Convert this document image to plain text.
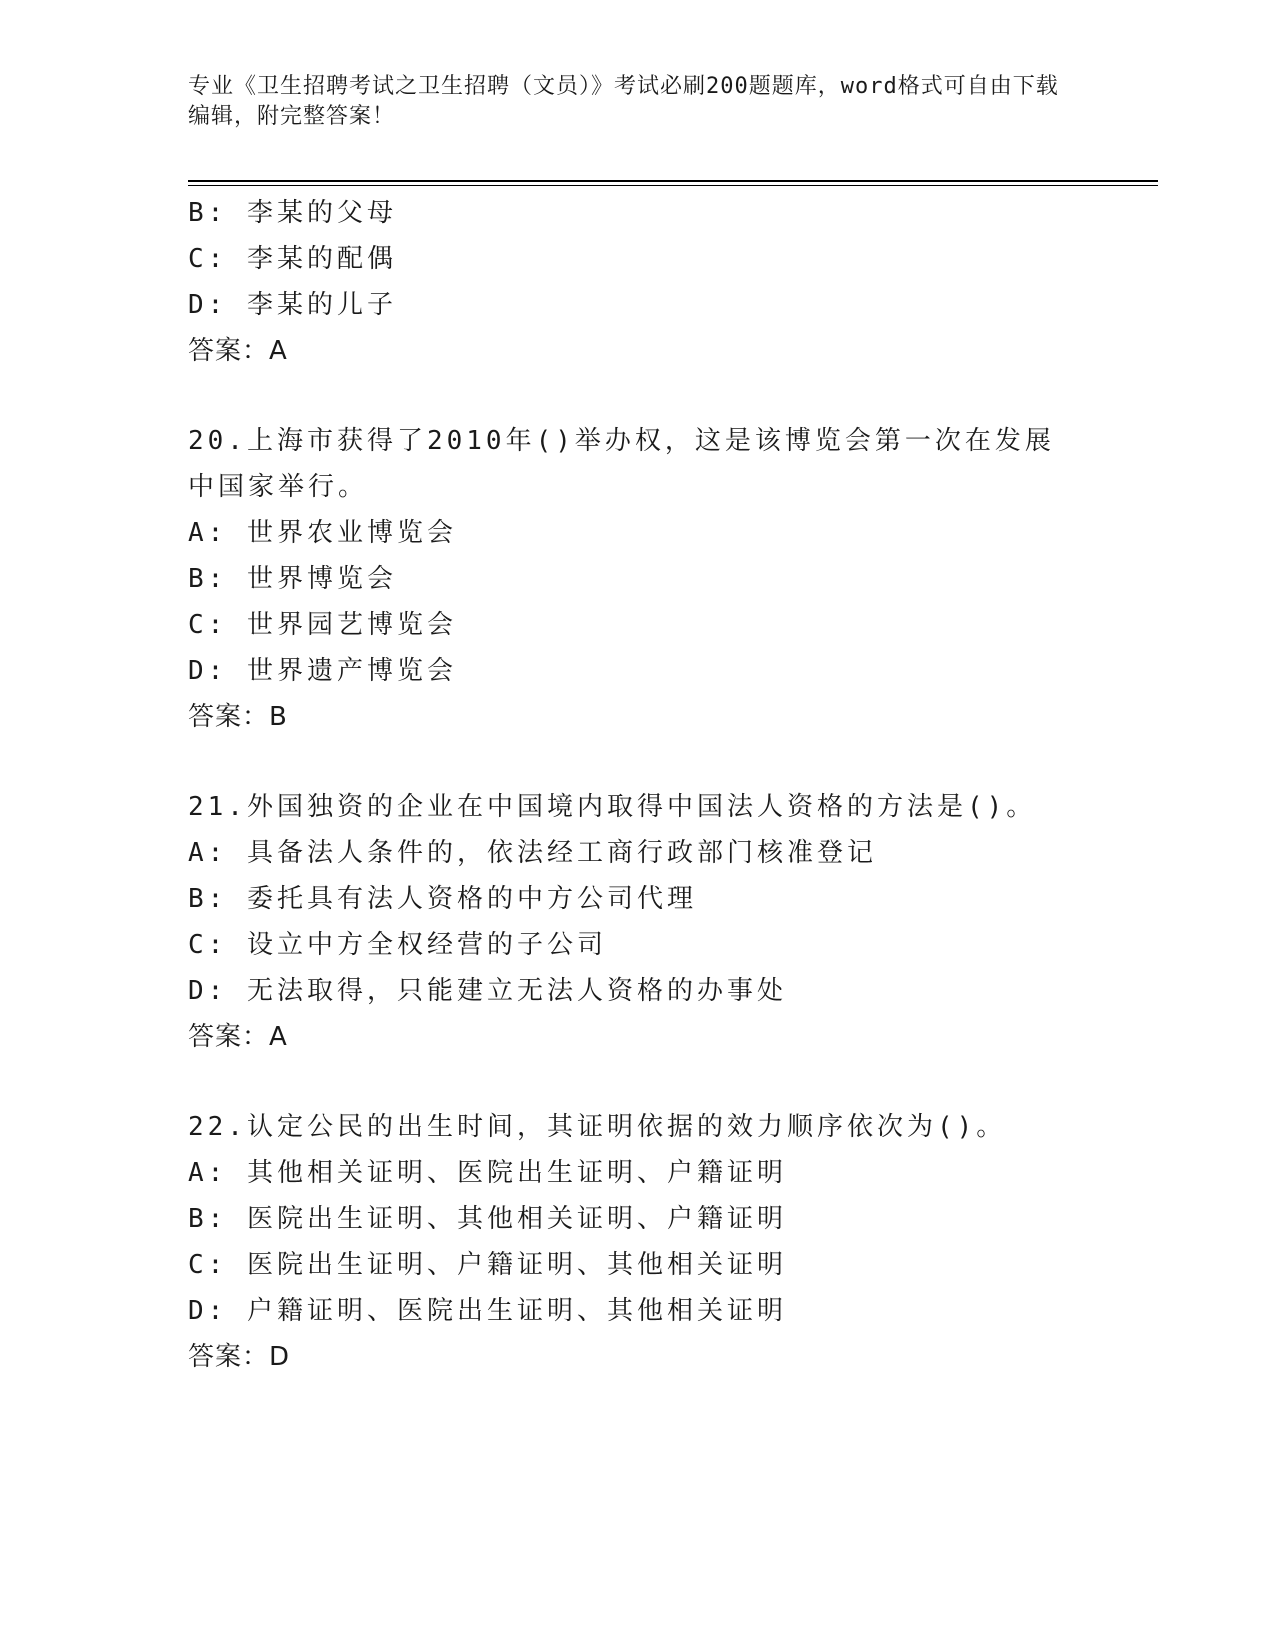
专业《卫生招聘考试之卫生招聘（文员）》考试必刷200题题库，word格式可自由下载编辑，附完整答案！
B: 李某的父母
C: 李某的配偶
D: 李某的儿子
答案：A
20.上海市获得了2010年()举办权，这是该博览会第一次在发展中国家举行。
A: 世界农业博览会
B: 世界博览会
C: 世界园艺博览会
D: 世界遗产博览会
答案：B
21.外国独资的企业在中国境内取得中国法人资格的方法是()。
A: 具备法人条件的，依法经工商行政部门核准登记
B: 委托具有法人资格的中方公司代理
C: 设立中方全权经营的子公司
D: 无法取得，只能建立无法人资格的办事处
答案：A
22.认定公民的出生时间，其证明依据的效力顺序依次为()。
A: 其他相关证明、医院出生证明、户籍证明
B: 医院出生证明、其他相关证明、户籍证明
C: 医院出生证明、户籍证明、其他相关证明
D: 户籍证明、医院出生证明、其他相关证明
答案：D
